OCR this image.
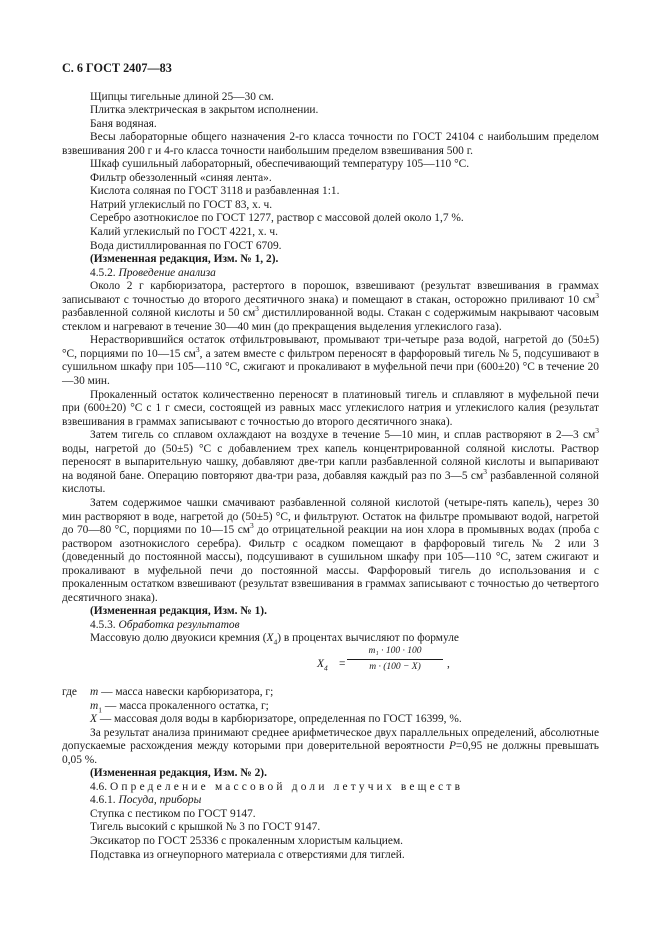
С. 6 ГОСТ 2407—83

Щипцы тигельные длиной 25—30 см.

Плитка электрическая в закрытом исполнении.

Баня водяная.

Весы лабораторные общего назначения 2-го класса точности по ГОСТ 24104 с наибольшим пределом взвешивания 200 г и 4-го класса точности наибольшим пределом взвешивания 500 г.

Шкаф сушильный лабораторный, обеспечивающий температуру 105—110 °С.

Фильтр обеззоленный «синяя лента».

Кислота соляная по ГОСТ 3118 и разбавленная 1:1.

Натрий углекислый по ГОСТ 83, х. ч.

Серебро азотнокислое по ГОСТ 1277, раствор с массовой долей около 1,7 %.

Калий углекислый по ГОСТ 4221, х. ч.

Вода дистиллированная по ГОСТ 6709.

(Измененная редакция, Изм. № 1, 2).

4.5.2. Проведение анализа

Около 2 г карбюризатора, растертого в порошок, взвешивают (результат взвешивания в граммах записывают с точностью до второго десятичного знака) и помещают в стакан, осторожно приливают 10 $см^3$ разбавленной соляной кислоты и 50 $см^3$ дистиллированной воды. Стакан с содержимым накрывают часовым стеклом и нагревают в течение 30—40 мин (до прекращения выделения углекислого газа).

Нерастворившийся остаток отфильтровывают, промывают три-четыре раза водой, нагретой до (50±5) °С, порциями по 10—15 $см^3$, а затем вместе с фильтром переносят в фарфоровый тигель № 5, подсушивают в сушильном шкафу при 105—110 °С, сжигают и прокаливают в муфельной печи при (600±20) °С в течение 20—30 мин.

Прокаленный остаток количественно переносят в платиновый тигель и сплавляют в муфельной печи при (600±20) °С с 1 г смеси, состоящей из равных масс углекислого натрия и углекислого калия (результат взвешивания в граммах записывают с точностью до второго десятичного знака).

Затем тигель со сплавом охлаждают на воздухе в течение 5—10 мин, и сплав растворяют в 2—3 $см^3$ воды, нагретой до (50±5) °С с добавлением трех капель концентрированной соляной кислоты. Раствор переносят в выпарительную чашку, добавляют две-три капли разбавленной соляной кислоты и выпаривают на водяной бане. Операцию повторяют два-три раза, добавляя каждый раз по 3—5 $см^3$ разбавленной соляной кислоты.

Затем содержимое чашки смачивают разбавленной соляной кислотой (четыре-пять капель), через 30 мин растворяют в воде, нагретой до (50±5) °С, и фильтруют. Остаток на фильтре промывают водой, нагретой до 70—80 °С, порциями по 10—15 $см^3$ до отрицательной реакции на ион хлора в промывных водах (проба с раствором азотнокислого серебра). Фильтр с осадком помещают в фарфоровый тигель № 2 или 3 (доведенный до постоянной массы), подсушивают в сушильном шкафу при 105—110 °С, затем сжигают и прокаливают в муфельной печи до постоянной массы. Фарфоровый тигель до использования и с прокаленным остатком взвешивают (результат взвешивания в граммах записывают с точностью до четвертого десятичного знака).

(Измененная редакция, Изм. № 1).

4.5.3. Обработка результатов

Массовую долю двуокиси кремния $(X_4)$ в процентах вычисляют по формуле

$X_4 = \frac{\text{m₁ · 100 · 100}}{m \cdot (100 - X)}$ ,

где m — масса навески карбюризатора, г;

$m_1$ — масса прокаленного остатка, г;

X — массовая доля воды в карбюризаторе, определенная по ГОСТ 16399, %.

За результат анализа принимают среднее арифметическое двух параллельных определений, абсолютные допускаемые расхождения между которыми при доверительной вероятности P=0,95 не должны превышать 0,05 %.

(Измененная редакция, Изм. № 2).

4.6. Определение массовой доли летучих веществ

4.6.1. Посуда, приборы

Ступка с пестиком по ГОСТ 9147.

Тигель высокий с крышкой № 3 по ГОСТ 9147.

Эксикатор по ГОСТ 25336 с прокаленным хлористым кальцием.

Подставка из огнеупорного материала с отверстиями для тиглей.
